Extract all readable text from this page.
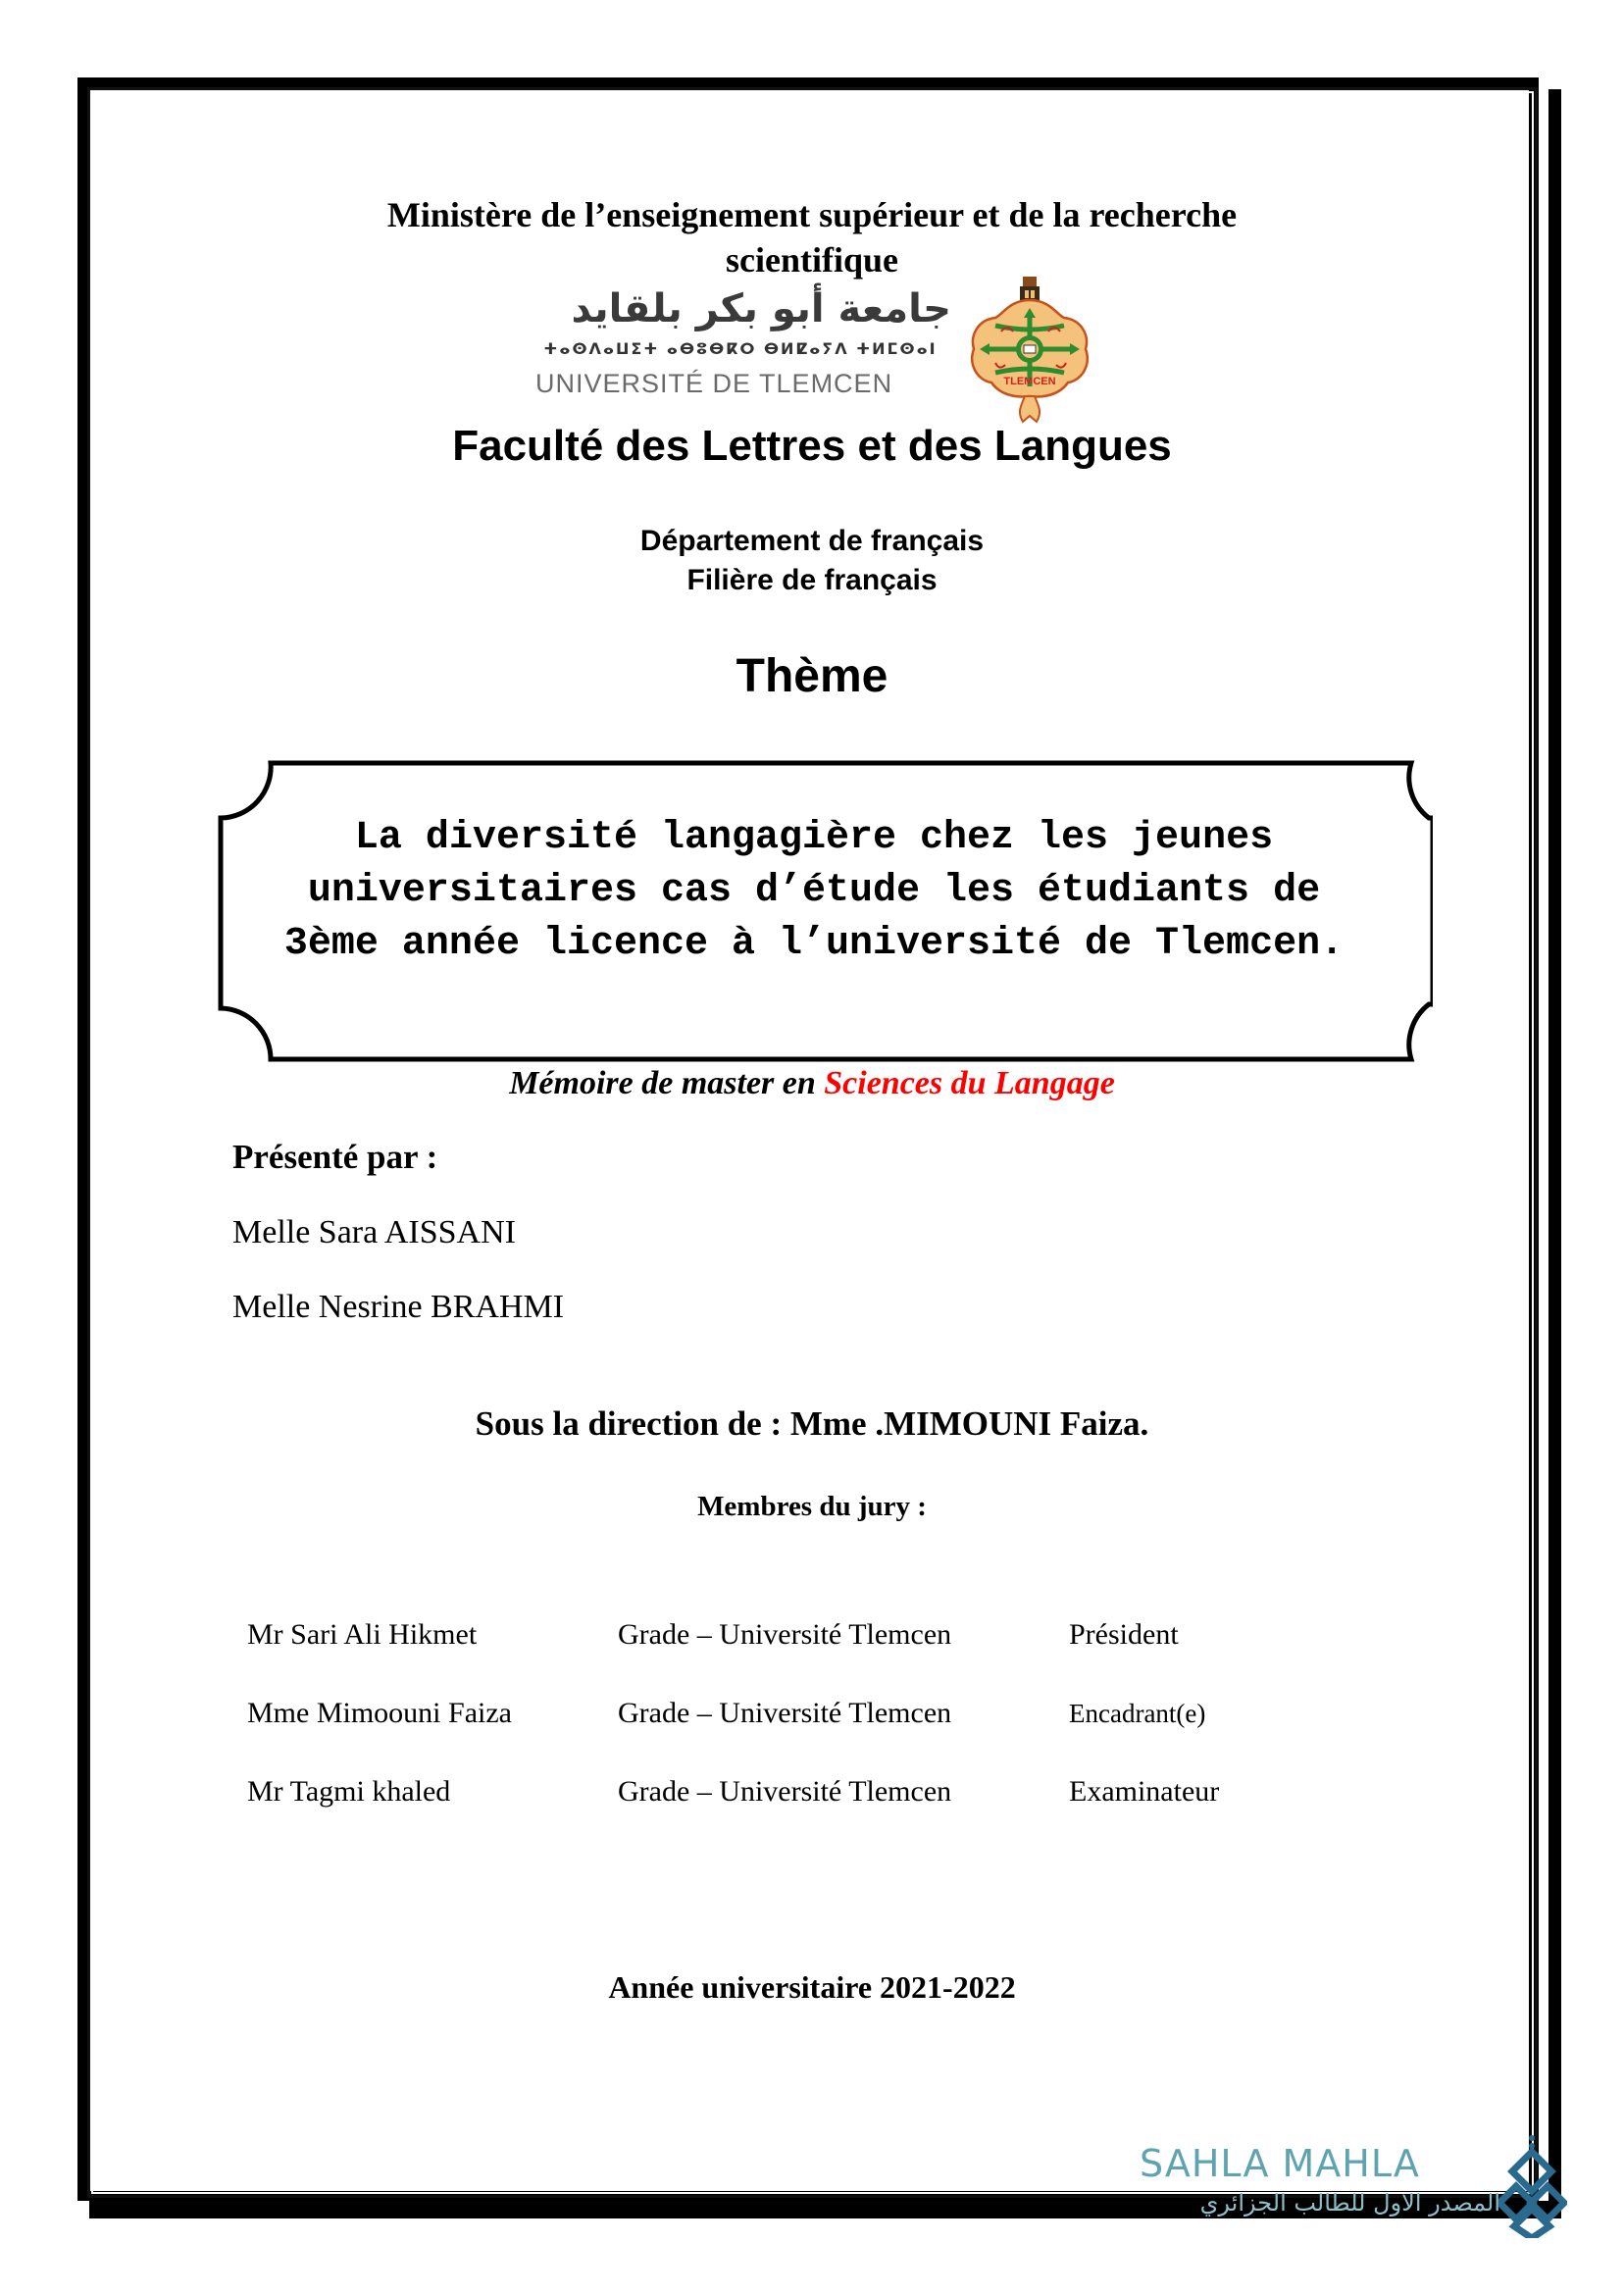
Ministère de l’enseignement supérieur et de la recherche scientifique
جامعة أبو بكر بلقايد
ⵜⴰⵙⴷⴰⵡⵉⵜ ⴰⴱⵓⴱⴽⵔ ⴱⵍⵇⴰⵢⴷ ⵜⵍⵎⵙⴰⵏ
UNIVERSITÉ DE TLEMCEN	TLEMCEN
Faculté des Lettres et des Langues
Département de français
Filière de français
Thème
La diversité langagière chez les jeunes universitaires cas d’étude les étudiants de 3ème année licence à l’université de Tlemcen.
Mémoire de master en Sciences du Langage
Présenté par :
Melle Sara AISSANI
Melle Nesrine BRAHMI
Sous la direction de : Mme .MIMOUNI Faiza.
Membres du jury :
Mr Sari Ali Hikmet	Grade – Université Tlemcen	Président
Mme Mimoouni Faiza	Grade – Université Tlemcen	Encadrant(e)
Mr Tagmi khaled	Grade – Université Tlemcen	Examinateur
Année universitaire 2021-2022
SAHLA MAHLA
المصدر الاول للطالب الجزائري
